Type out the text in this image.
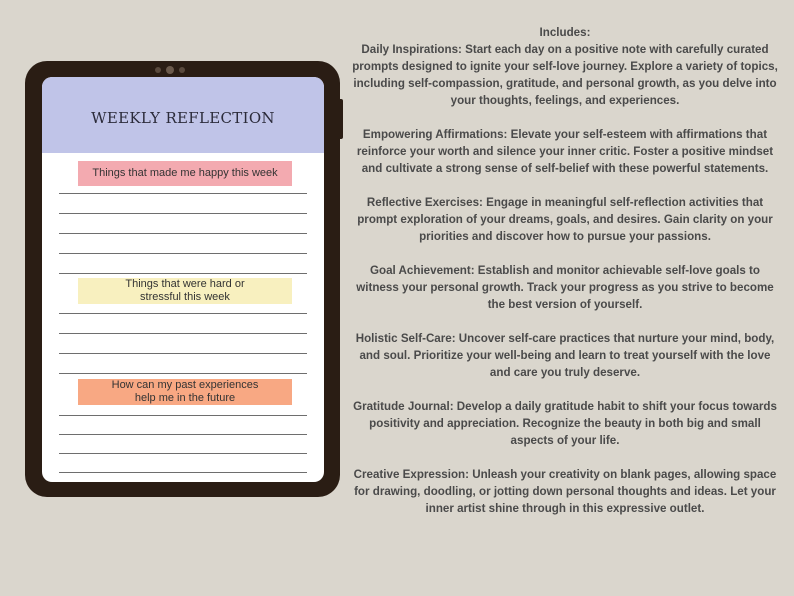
WEEKLY REFLECTION
Things that made me happy this week
Things that were hard or
stressful this week
How can my past experiences
help me in the future

Includes:

Daily Inspirations: Start each day on a positive note with carefully curated prompts designed to ignite your self-love journey. Explore a variety of topics, including self-compassion, gratitude, and personal growth, as you delve into your thoughts, feelings, and experiences.

Empowering Affirmations: Elevate your self-esteem with affirmations that reinforce your worth and silence your inner critic. Foster a positive mindset and cultivate a strong sense of self-belief with these powerful statements.

Reflective Exercises: Engage in meaningful self-reflection activities that prompt exploration of your dreams, goals, and desires. Gain clarity on your priorities and discover how to pursue your passions.

Goal Achievement: Establish and monitor achievable self-love goals to witness your personal growth. Track your progress as you strive to become the best version of yourself.

Holistic Self-Care: Uncover self-care practices that nurture your mind, body, and soul. Prioritize your well-being and learn to treat yourself with the love and care you truly deserve.

Gratitude Journal: Develop a daily gratitude habit to shift your focus towards positivity and appreciation. Recognize the beauty in both big and small aspects of your life.

Creative Expression: Unleash your creativity on blank pages, allowing space for drawing, doodling, or jotting down personal thoughts and ideas. Let your inner artist shine through in this expressive outlet.
